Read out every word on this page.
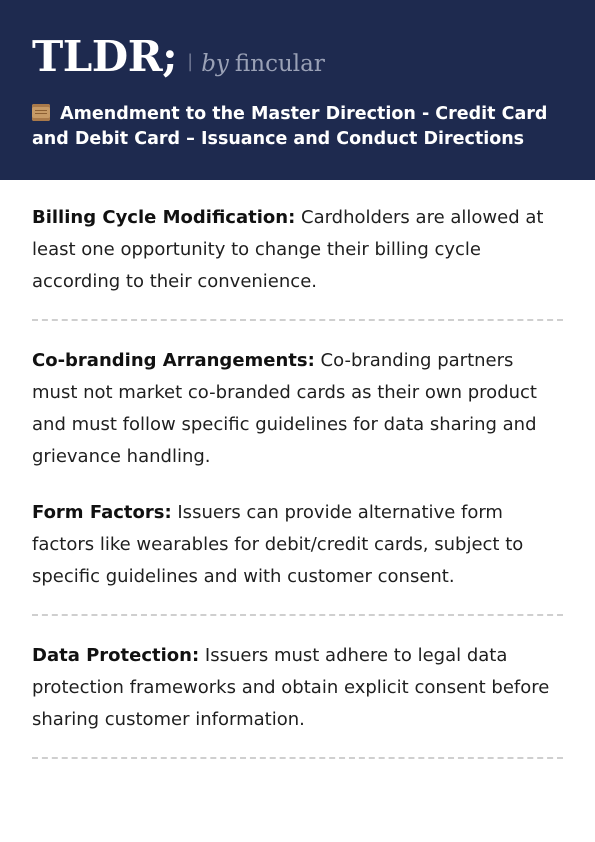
TLDR; | by fincular
Amendment to the Master Direction - Credit Card and Debit Card – Issuance and Conduct Directions

Billing Cycle Modification: Cardholders are allowed at least one opportunity to change their billing cycle according to their convenience.

Co-branding Arrangements: Co-branding partners must not market co-branded cards as their own product and must follow specific guidelines for data sharing and grievance handling.

Form Factors: Issuers can provide alternative form factors like wearables for debit/credit cards, subject to specific guidelines and with customer consent.

Data Protection: Issuers must adhere to legal data protection frameworks and obtain explicit consent before sharing customer information.
